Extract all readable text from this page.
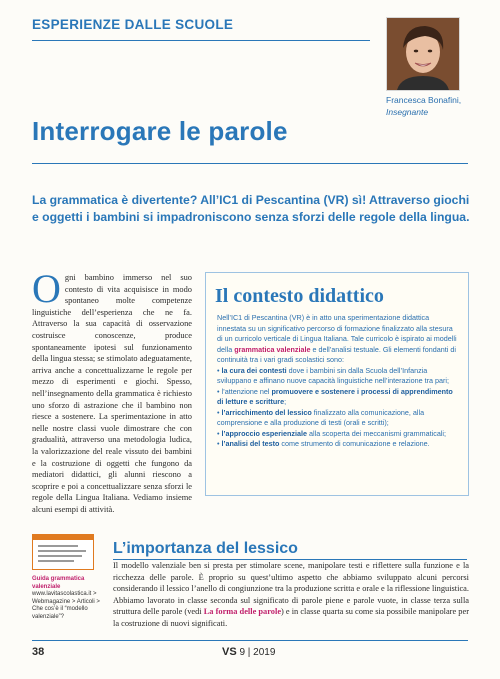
ESPERIENZE DALLE SCUOLE
Francesca Bonafini,
Insegnante
Interrogare le parole
La grammatica è divertente? All’IC1 di Pescantina (VR) sì! Attraverso giochi e oggetti i bambini si impadroniscono senza sforzi delle regole della lingua.
Ogni bambino immerso nel suo contesto di vita acquisisce in modo spontaneo molte competenze linguistiche dell’esperienza che ne fa. Attraverso la sua capacità di osservazione costruisce conoscenze, produce spontaneamente ipotesi sul funzionamento della lingua stessa; se stimolato adeguatamente, arriva anche a concettualizzarne le regole per mezzo di esperimenti e giochi. Spesso, nell’insegnamento della grammatica è richiesto uno sforzo di astrazione che il bambino non riesce a sostenere. La sperimentazione in atto nelle nostre classi vuole dimostrare che con gradualità, attraverso una metodologia ludica, la valorizzazione del reale vissuto dei bambini e la costruzione di oggetti che fungono da mediatori didattici, gli alunni riescono a scoprire e poi a concettualizzare senza sforzi le regole della Lingua Italiana. Vediamo insieme alcuni esempi di attività.
Il contesto didattico

Nell’IC1 di Pescantina (VR) è in atto una sperimentazione didattica innestata su un significativo percorso di formazione finalizzato alla stesura di un curricolo verticale di Lingua Italiana. Tale curricolo è ispirato ai modelli della grammatica valenziale e dell’analisi testuale. Gli elementi fondanti di continuità tra i vari gradi scolastici sono:

• la cura dei contesti dove i bambini sin dalla Scuola dell’Infanzia sviluppano e affinano nuove capacità linguistiche nell’interazione tra pari;

• l’attenzione nel promuovere e sostenere i processi di apprendimento di letture e scritture;

• l’arricchimento del lessico finalizzato alla comunicazione, alla comprensione e alla produzione di testi (orali e scritti);

• l’approccio esperienziale alla scoperta dei meccanismi grammaticali;

• l’analisi del testo come strumento di comunicazione e relazione.

Guida grammatica valenziale
www.lavitascolastica.it > Webmagazine > Articoli > Che cos’è il “modello valenziale”?
L’importanza del lessico
Il modello valenziale ben si presta per stimolare scene, manipolare testi e riflettere sulla funzione e la ricchezza delle parole. È proprio su quest’ultimo aspetto che abbiamo sviluppato alcuni percorsi considerando il lessico l’anello di congiunzione tra la produzione scritta e orale e la riflessione linguistica. Abbiamo lavorato in classe seconda sul significato di parole piene e parole vuote, in classe terza sulla struttura delle parole (vedi La forma delle parole) e in classe quarta su come sia possibile manipolare per la costruzione di nuovi significati.
38	VS 9 | 2019
